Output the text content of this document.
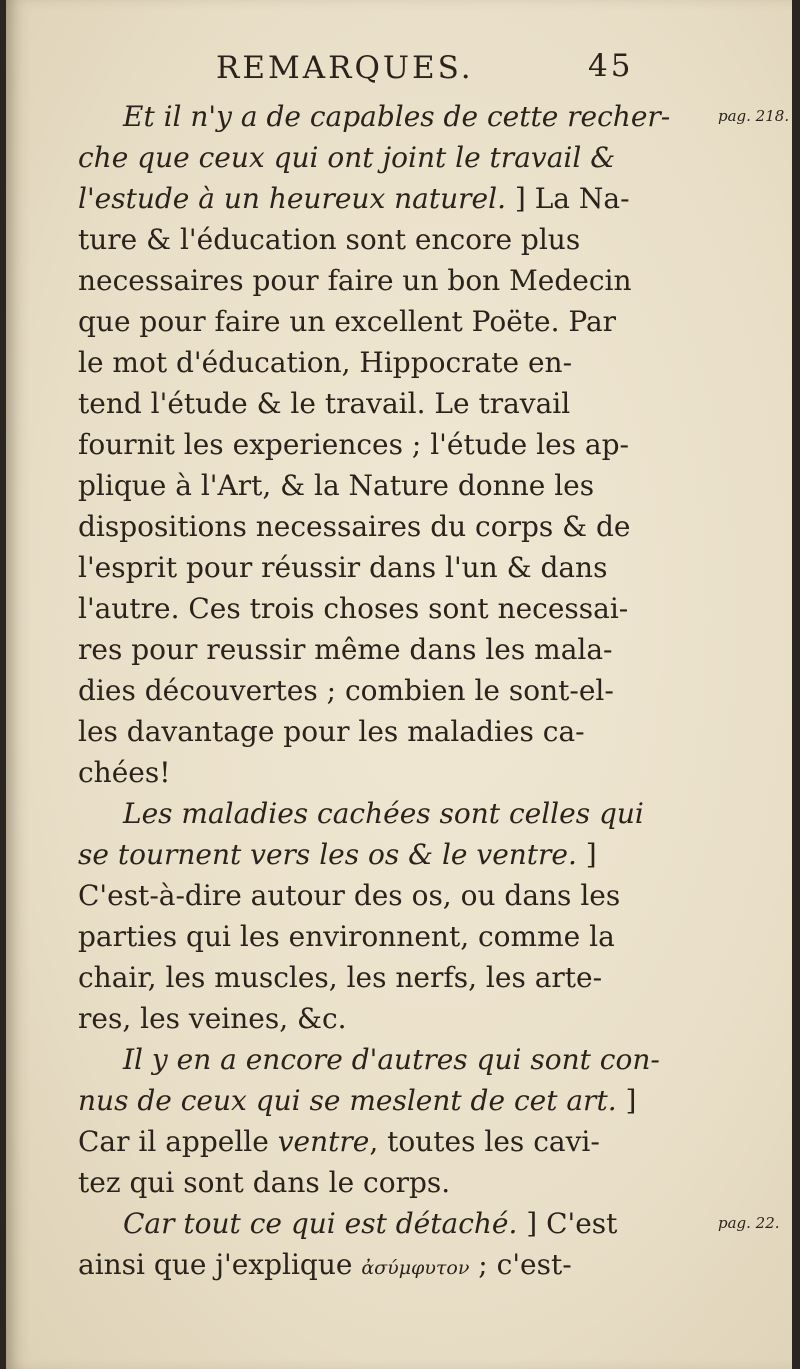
REMARQUES.	45
Et il n'y a de capables de cette recher-	pag. 218.
che que ceux qui ont joint le travail &
l'estude à un heureux naturel. ] La Na-
ture & l'éducation sont encore plus
necessaires pour faire un bon Medecin
que pour faire un excellent Poëte. Par
le mot d'éducation, Hippocrate en-
tend l'étude & le travail. Le travail
fournit les experiences ; l'étude les ap-
plique à l'Art, & la Nature donne les
dispositions necessaires du corps & de
l'esprit pour réussir dans l'un & dans
l'autre. Ces trois choses sont necessai-
res pour reussir même dans les mala-
dies découvertes ; combien le sont-el-
les davantage pour les maladies ca-
chées!
Les maladies cachées sont celles qui
se tournent vers les os & le ventre. ]
C'est-à-dire autour des os, ou dans les
parties qui les environnent, comme la
chair, les muscles, les nerfs, les arte-
res, les veines, &c.
Il y en a encore d'autres qui sont con-
nus de ceux qui se meslent de cet art. ]
Car il appelle ventre, toutes les cavi-
tez qui sont dans le corps.
Car tout ce qui est détaché. ] C'est	pag. 22.
ainsi que j'explique ἀσύμφυτον ; c'est-
